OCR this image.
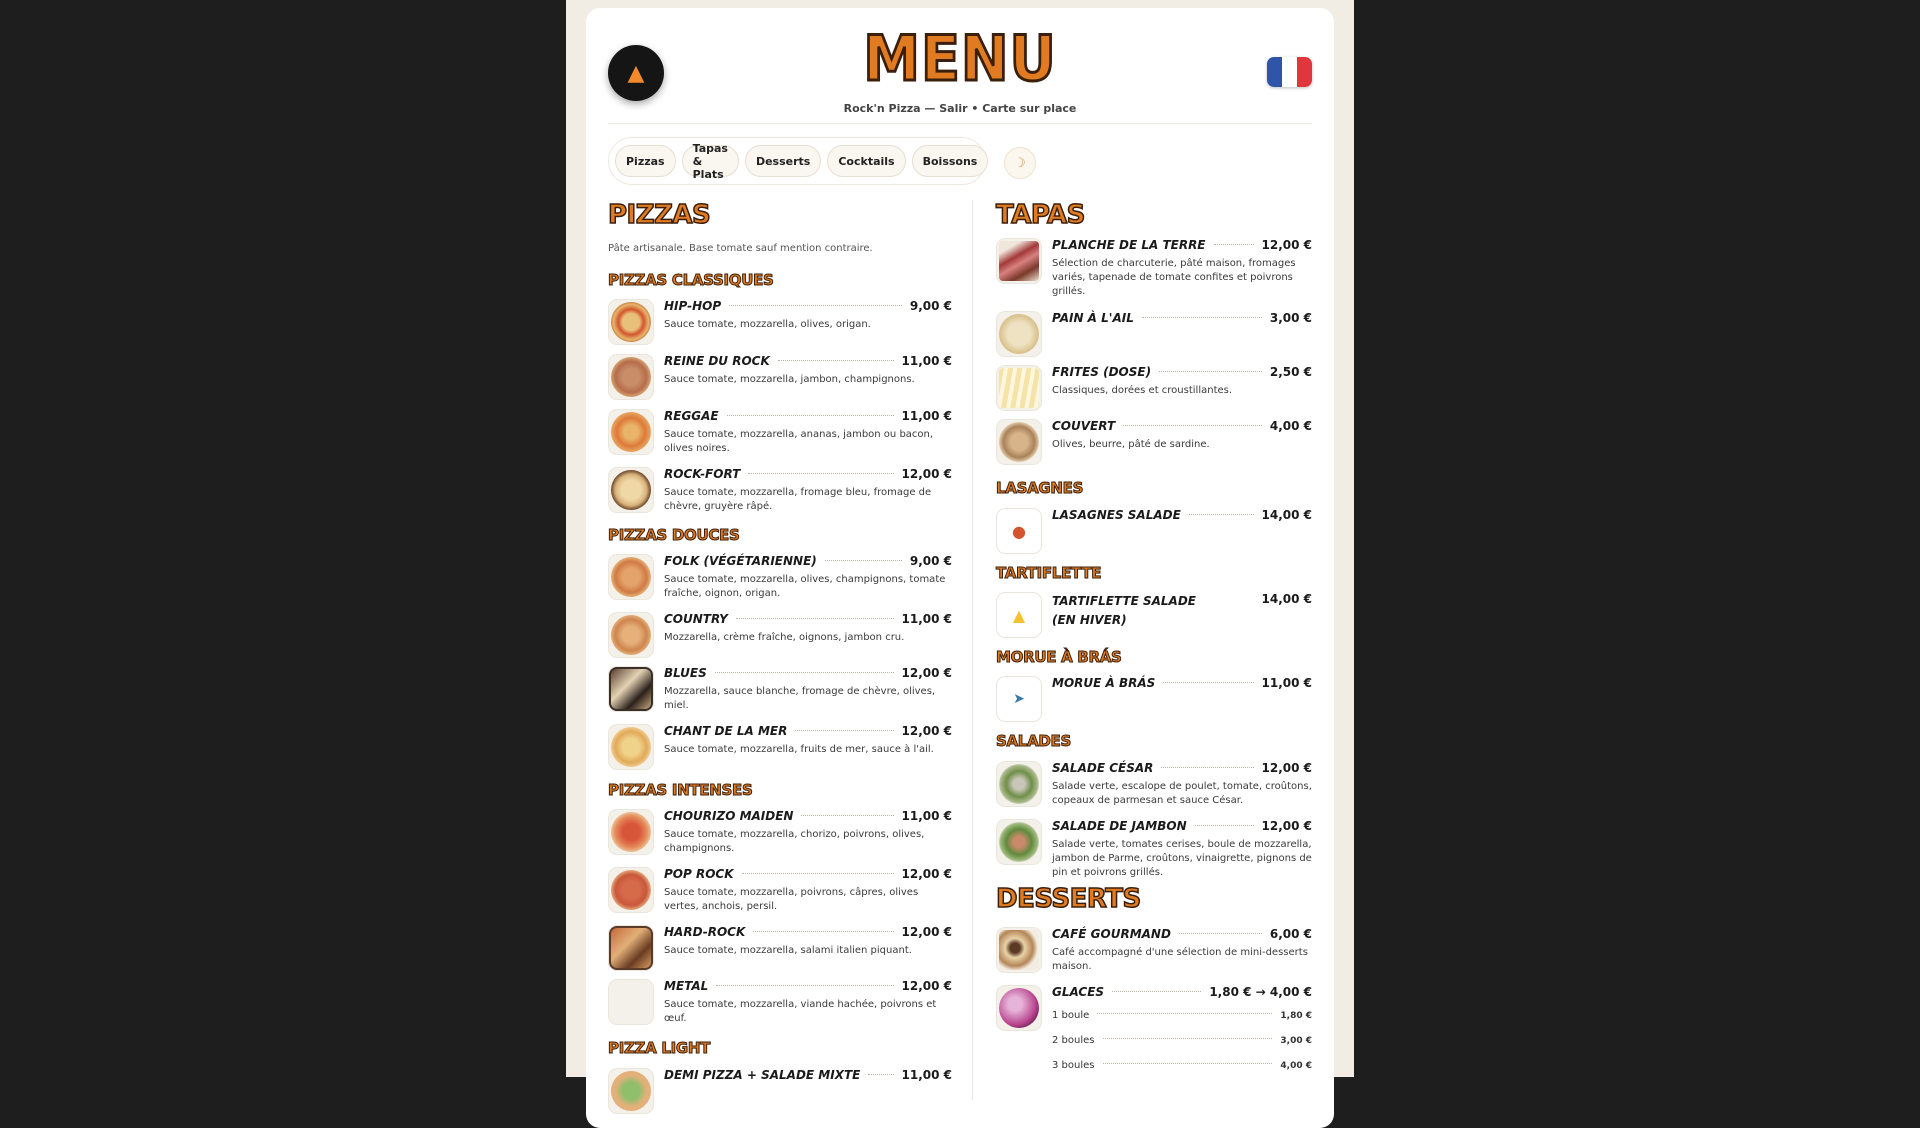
▲	MENU
Rock'n Pizza — Salir • Carte sur place
Pizzas
Tapas & Plats
Desserts	Cocktails	Boissons	☽
PIZZAS
Pâte artisanale. Base tomate sauf mention contraire.
PIZZAS CLASSIQUES
HIP-HOP	9,00 €
Sauce tomate, mozzarella, olives, origan.
REINE DU ROCK	11,00 €
Sauce tomate, mozzarella, jambon, champignons.
REGGAE	11,00 €
Sauce tomate, mozzarella, ananas, jambon ou bacon, olives noires.
ROCK-FORT	12,00 €
Sauce tomate, mozzarella, fromage bleu, fromage de chèvre, gruyère râpé.
PIZZAS DOUCES
FOLK (VÉGÉTARIENNE)	9,00 €
Sauce tomate, mozzarella, olives, champignons, tomate fraîche, oignon, origan.
COUNTRY	11,00 €
Mozzarella, crème fraîche, oignons, jambon cru.
BLUES	12,00 €
Mozzarella, sauce blanche, fromage de chèvre, olives, miel.
CHANT DE LA MER	12,00 €
Sauce tomate, mozzarella, fruits de mer, sauce à l'ail.
PIZZAS INTENSES
CHOURIZO MAIDEN	11,00 €
Sauce tomate, mozzarella, chorizo, poivrons, olives, champignons.
POP ROCK	12,00 €
Sauce tomate, mozzarella, poivrons, câpres, olives vertes, anchois, persil.
HARD-ROCK	12,00 €
Sauce tomate, mozzarella, salami italien piquant.
METAL	12,00 €
Sauce tomate, mozzarella, viande hachée, poivrons et œuf.
PIZZA LIGHT
DEMI PIZZA + SALADE MIXTE	11,00 €
TAPAS
PLANCHE DE LA TERRE	12,00 €
Sélection de charcuterie, pâté maison, fromages variés, tapenade de tomate confites et poivrons grillés.
PAIN À L'AIL	3,00 €
FRITES (DOSE)	2,50 €
Classiques, dorées et croustillantes.
COUVERT	4,00 €
Olives, beurre, pâté de sardine.
LASAGNES
●
LASAGNES SALADE	14,00 €
TARTIFLETTE
▲
TARTIFLETTE SALADE (EN HIVER)
14,00 €
MORUE À BRÁS
➤
MORUE À BRÁS	11,00 €
SALADES
SALADE CÉSAR	12,00 €
Salade verte, escalope de poulet, tomate, croûtons, copeaux de parmesan et sauce César.
SALADE DE JAMBON	12,00 €
Salade verte, tomates cerises, boule de mozzarella, jambon de Parme, croûtons, vinaigrette, pignons de pin et poivrons grillés.
DESSERTS
CAFÉ GOURMAND	6,00 €
Café accompagné d'une sélection de mini-desserts maison.
GLACES	1,80 € → 4,00 €
1 boule	1,80 €
2 boules	3,00 €
3 boules	4,00 €
